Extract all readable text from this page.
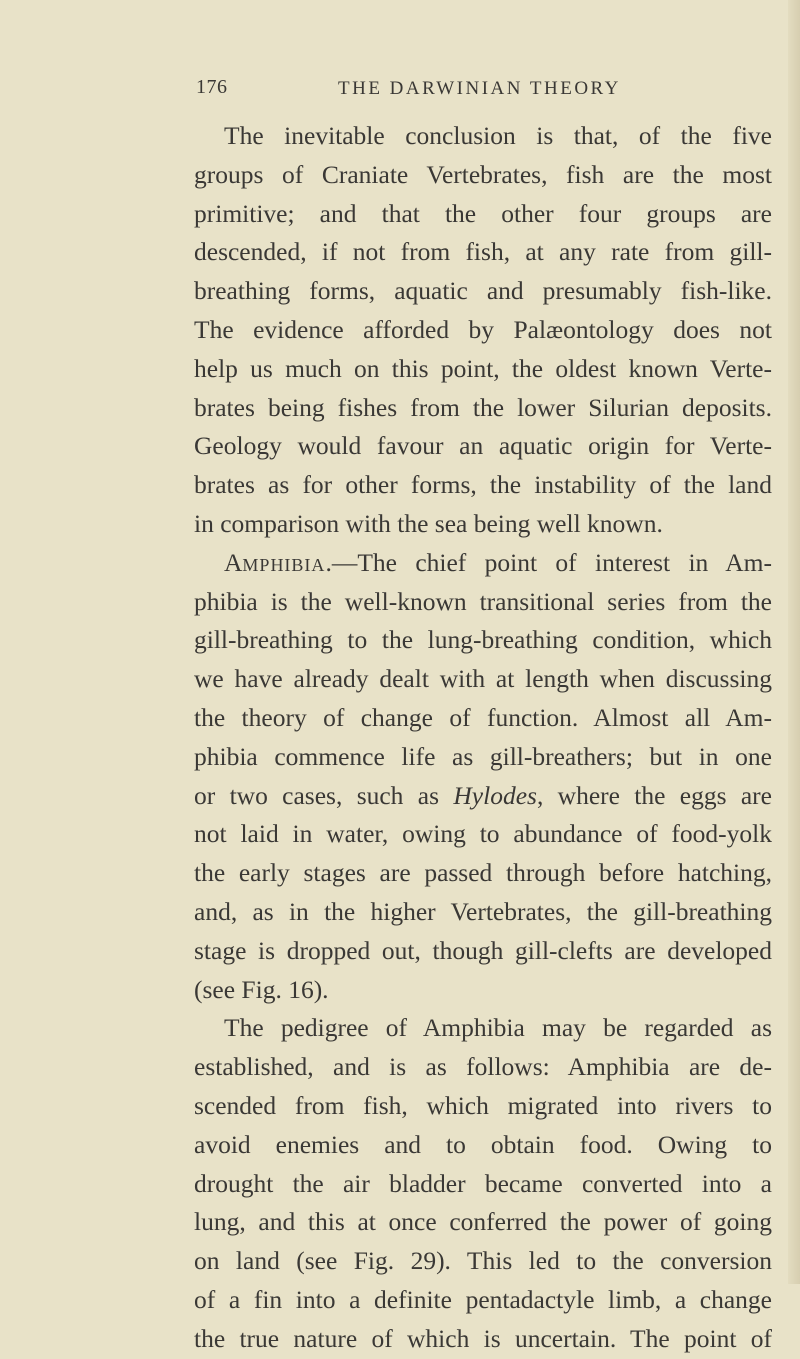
176	THE DARWINIAN THEORY
The inevitable conclusion is that, of the five
groups of Craniate Vertebrates, fish are the most
primitive; and that the other four groups are
descended, if not from fish, at any rate from gill-
breathing forms, aquatic and presumably fish-like.
The evidence afforded by Palæontology does not
help us much on this point, the oldest known Verte-
brates being fishes from the lower Silurian deposits.
Geology would favour an aquatic origin for Verte-
brates as for other forms, the instability of the land
in comparison with the sea being well known.
AMPHIBIA.—The chief point of interest in Am-
phibia is the well-known transitional series from the
gill-breathing to the lung-breathing condition, which
we have already dealt with at length when discussing
the theory of change of function. Almost all Am-
phibia commence life as gill-breathers; but in one
or two cases, such as Hylodes, where the eggs are
not laid in water, owing to abundance of food-yolk
the early stages are passed through before hatching,
and, as in the higher Vertebrates, the gill-breathing
stage is dropped out, though gill-clefts are developed
(see Fig. 16).
The pedigree of Amphibia may be regarded as
established, and is as follows: Amphibia are de-
scended from fish, which migrated into rivers to
avoid enemies and to obtain food. Owing to
drought the air bladder became converted into a
lung, and this at once conferred the power of going
on land (see Fig. 29). This led to the conversion
of a fin into a definite pentadactyle limb, a change
the true nature of which is uncertain. The point of
